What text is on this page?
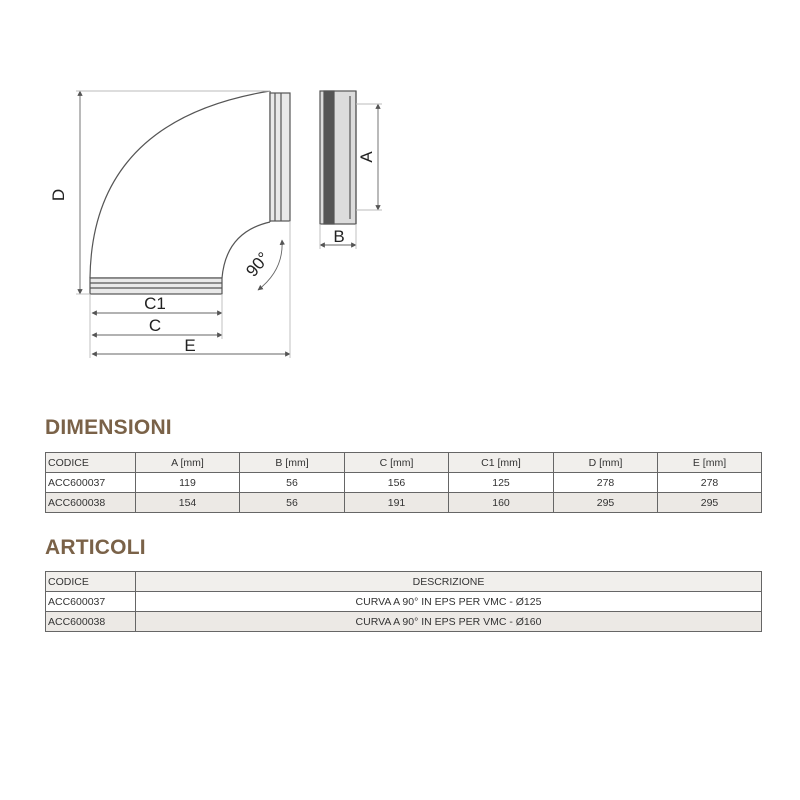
D
A
B
C1
C
E
90°
DIMENSIONI
CODICE	A [mm]	B [mm]	C [mm]	C1 [mm]	D [mm]	E [mm]
ACC600037	119	56	156	125	278	278
ACC600038	154	56	191	160	295	295
ARTICOLI
CODICE	DESCRIZIONE
ACC600037	CURVA A 90° IN EPS PER VMC - Ø125
ACC600038	CURVA A 90° IN EPS PER VMC - Ø160
